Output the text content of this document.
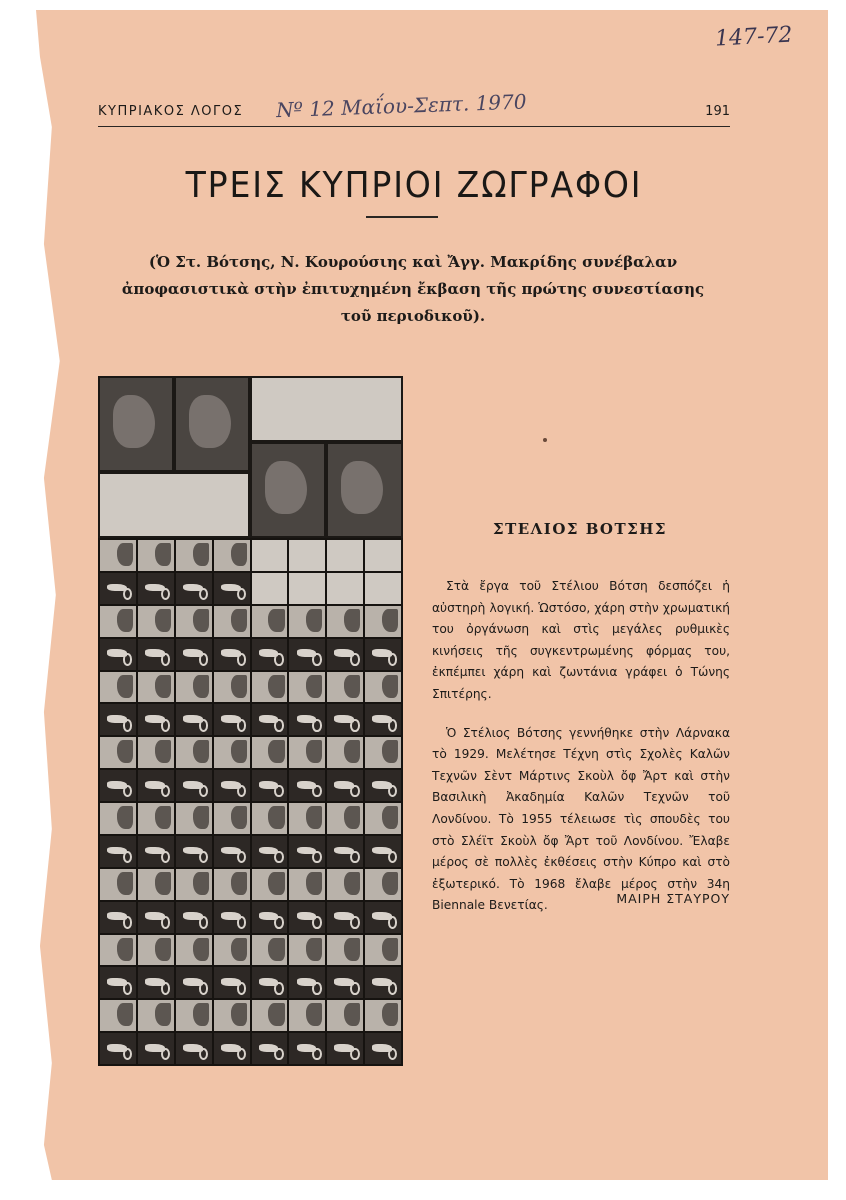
147-72
ΚΥΠΡΙΑΚΟΣ ΛΟΓΟΣ Nº 12 Μαΐου-Σεπτ. 1970	191
ΤΡΕΙΣ ΚΥΠΡΙΟΙ ΖΩΓΡΑΦΟΙ
(Ὁ Στ. Βότσης, Ν. Κουρούσιης καὶ Ἄγγ. Μακρίδης συνέβαλαν ἀποφασιστικὰ στὴν ἐπιτυχημένη ἔκβαση τῆς πρώτης συνεστίασης τοῦ περιοδικοῦ).
ΣΤΕΛΙΟΣ ΒΟΤΣΗΣ

Στὰ ἔργα τοῦ Στέλιου Βότση δεσπόζει ἡ αὐστηρὴ λογική. Ὡστόσο, χάρη στὴν χρωματική του ὀργάνωση καὶ στὶς μεγάλες ρυθμικὲς κινήσεις τῆς συγκεντρωμένης φόρμας του, ἐκπέμπει χάρη καὶ ζωντάνια γράφει ὁ Τώνης Σπιτέρης.

Ὁ Στέλιος Βότσης γεννήθηκε στὴν Λάρνακα τὸ 1929. Μελέτησε Τέχνη στὶς Σχολὲς Καλῶν Τεχνῶν Σὲντ Μάρτινς Σκοὺλ ὄφ Ἄρτ καὶ στὴν Βασιλικὴ Ἀκαδημία Καλῶν Τεχνῶν τοῦ Λονδίνου. Τὸ 1955 τέλειωσε τὶς σπουδὲς του στὸ Σλέϊτ Σκοὺλ ὄφ Ἄρτ τοῦ Λονδίνου. Ἔλαβε μέρος σὲ πολλὲς ἐκθέσεις στὴν Κύπρο καὶ στὸ ἐξωτερικό. Τὸ 1968 ἔλαβε μέρος στὴν 34η Biennale Βενετίας.	ΜΑΙΡΗ ΣΤΑΥΡΟΥ
